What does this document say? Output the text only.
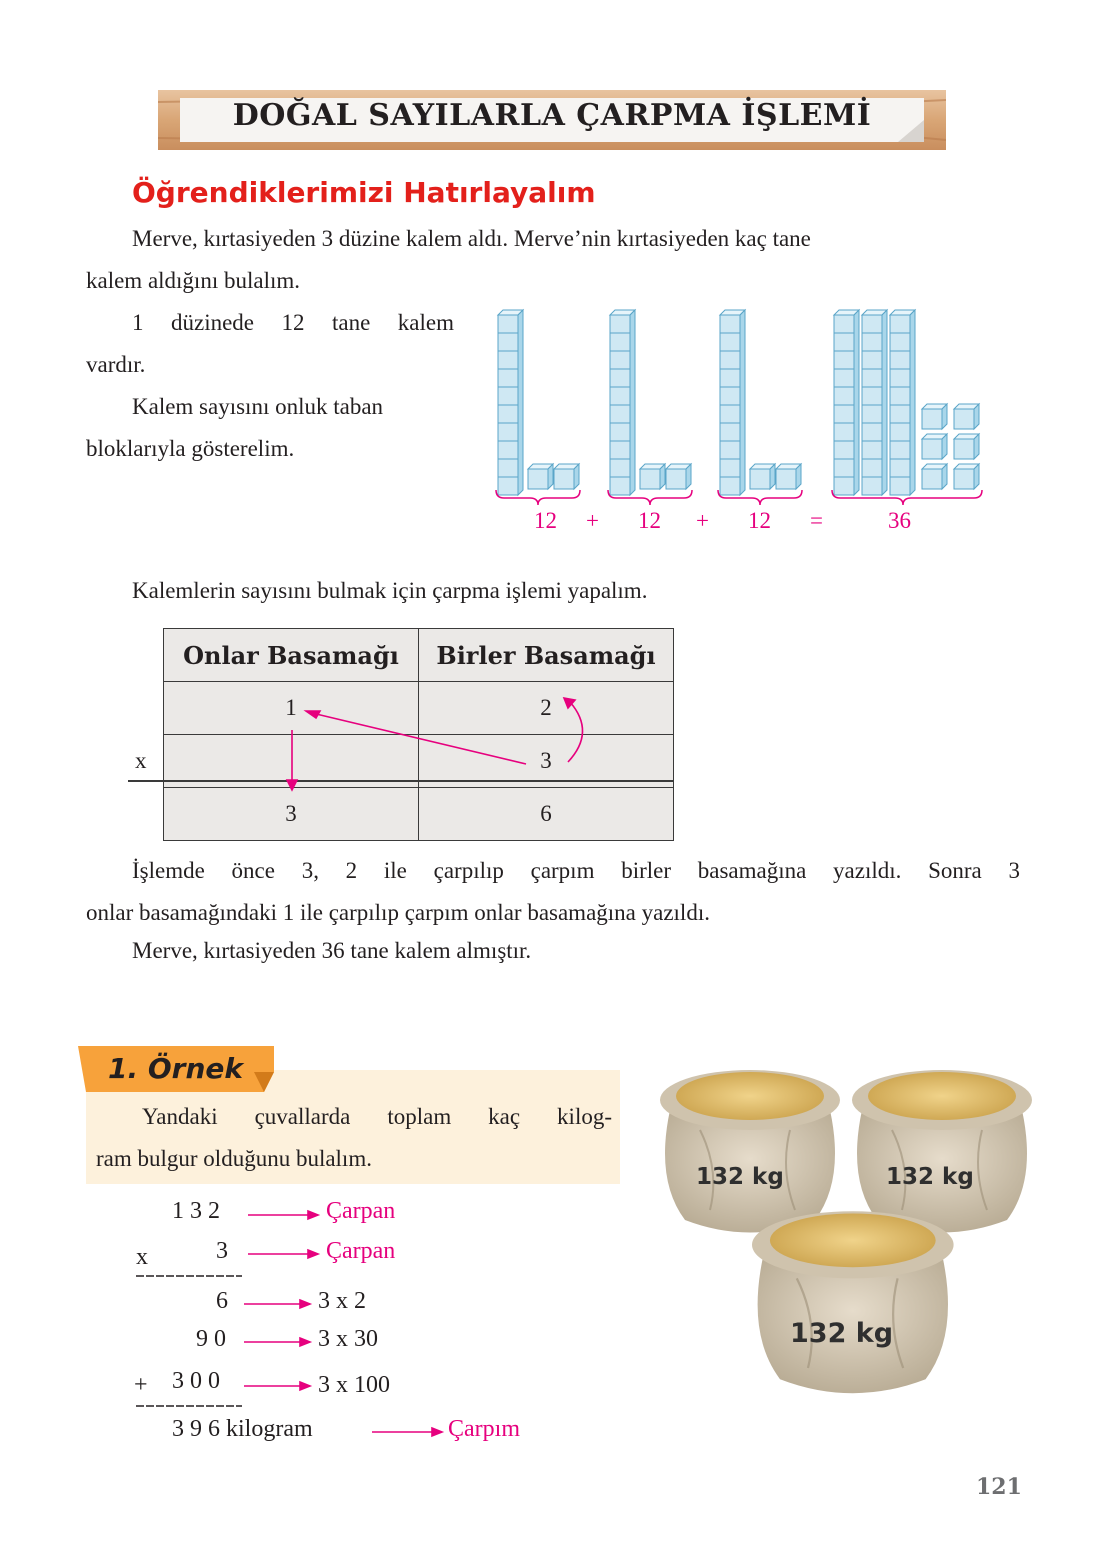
DOĞAL SAYILARLA ÇARPMA İŞLEMİ
Öğrendiklerimizi Hatırlayalım
Merve, kırtasiyeden 3 düzine kalem aldı. Merve’nin kırtasiyeden kaç tane
kalem aldığını bulalım.
1 düzinede 12 tane kalem
vardır.
Kalem sayısını onluk taban
bloklarıyla gösterelim.
12 + 12 + 12 =	36
Kalemlerin sayısını bulmak için çarpma işlemi yapalım.
Onlar Basamağı	Birler Basamağı
1	2
	3
3	6
x
İşlemde önce 3, 2 ile çarpılıp çarpım birler basamağına yazıldı. Sonra 3
onlar basamağındaki 1 ile çarpılıp çarpım onlar basamağına yazıldı.
Merve, kırtasiyeden 36 tane kalem almıştır.
1. Örnek
Yandaki çuvallarda toplam kaç kilog-
ram bulgur olduğunu bulalım.
1 3 2	Çarpan
x	3	Çarpan
6	3 x 2
9 0	3 x 30
+ 3 0 0	3 x 100
3 9 6 kilogram	Çarpım
132 kg	132 kg
132 kg
121
